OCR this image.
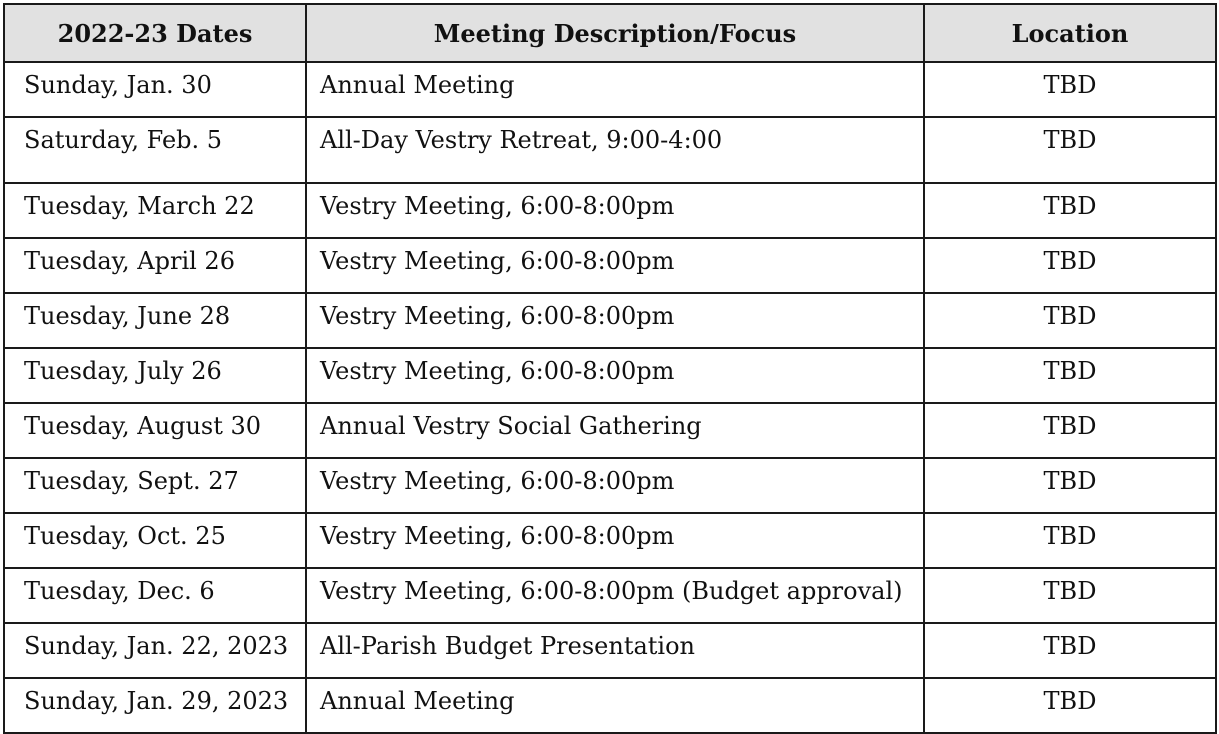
2022-23 Dates	Meeting Description/Focus	Location
Sunday, Jan. 30	Annual Meeting	TBD
Saturday, Feb. 5	All-Day Vestry Retreat, 9:00-4:00	TBD
Tuesday, March 22	Vestry Meeting, 6:00-8:00pm	TBD
Tuesday, April 26	Vestry Meeting, 6:00-8:00pm	TBD
Tuesday, June 28	Vestry Meeting, 6:00-8:00pm	TBD
Tuesday, July 26	Vestry Meeting, 6:00-8:00pm	TBD
Tuesday, August 30	Annual Vestry Social Gathering	TBD
Tuesday, Sept. 27	Vestry Meeting, 6:00-8:00pm	TBD
Tuesday, Oct. 25	Vestry Meeting, 6:00-8:00pm	TBD
Tuesday, Dec. 6	Vestry Meeting, 6:00-8:00pm (Budget approval)	TBD
Sunday, Jan. 22, 2023	All-Parish Budget Presentation	TBD
Sunday, Jan. 29, 2023	Annual Meeting	TBD
